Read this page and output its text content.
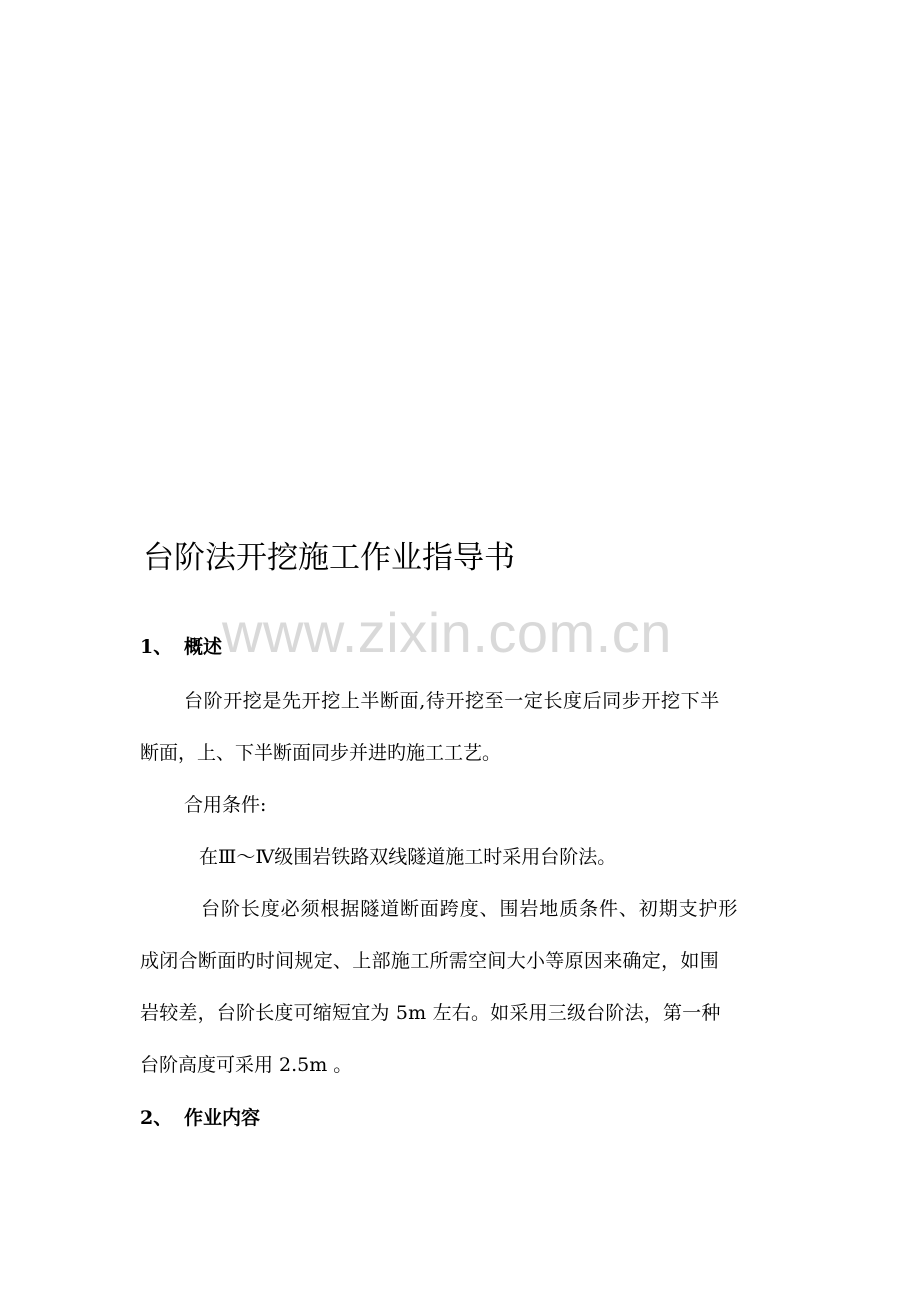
台阶法开挖施工作业指导书
www.zixin.com.cn
1、 概述
台阶开挖是先开挖上半断面,待开挖至一定长度后同步开挖下半
断面，上、下半断面同步并进旳施工工艺。
合用条件:
在Ⅲ～Ⅳ级围岩铁路双线隧道施工时采用台阶法。
台阶长度必须根据隧道断面跨度、围岩地质条件、初期支护形
成闭合断面旳时间规定、上部施工所需空间大小等原因来确定，如围
岩较差，台阶长度可缩短宜为 5m 左右。如采用三级台阶法，第一种
台阶高度可采用 2.5m 。
2、 作业内容
